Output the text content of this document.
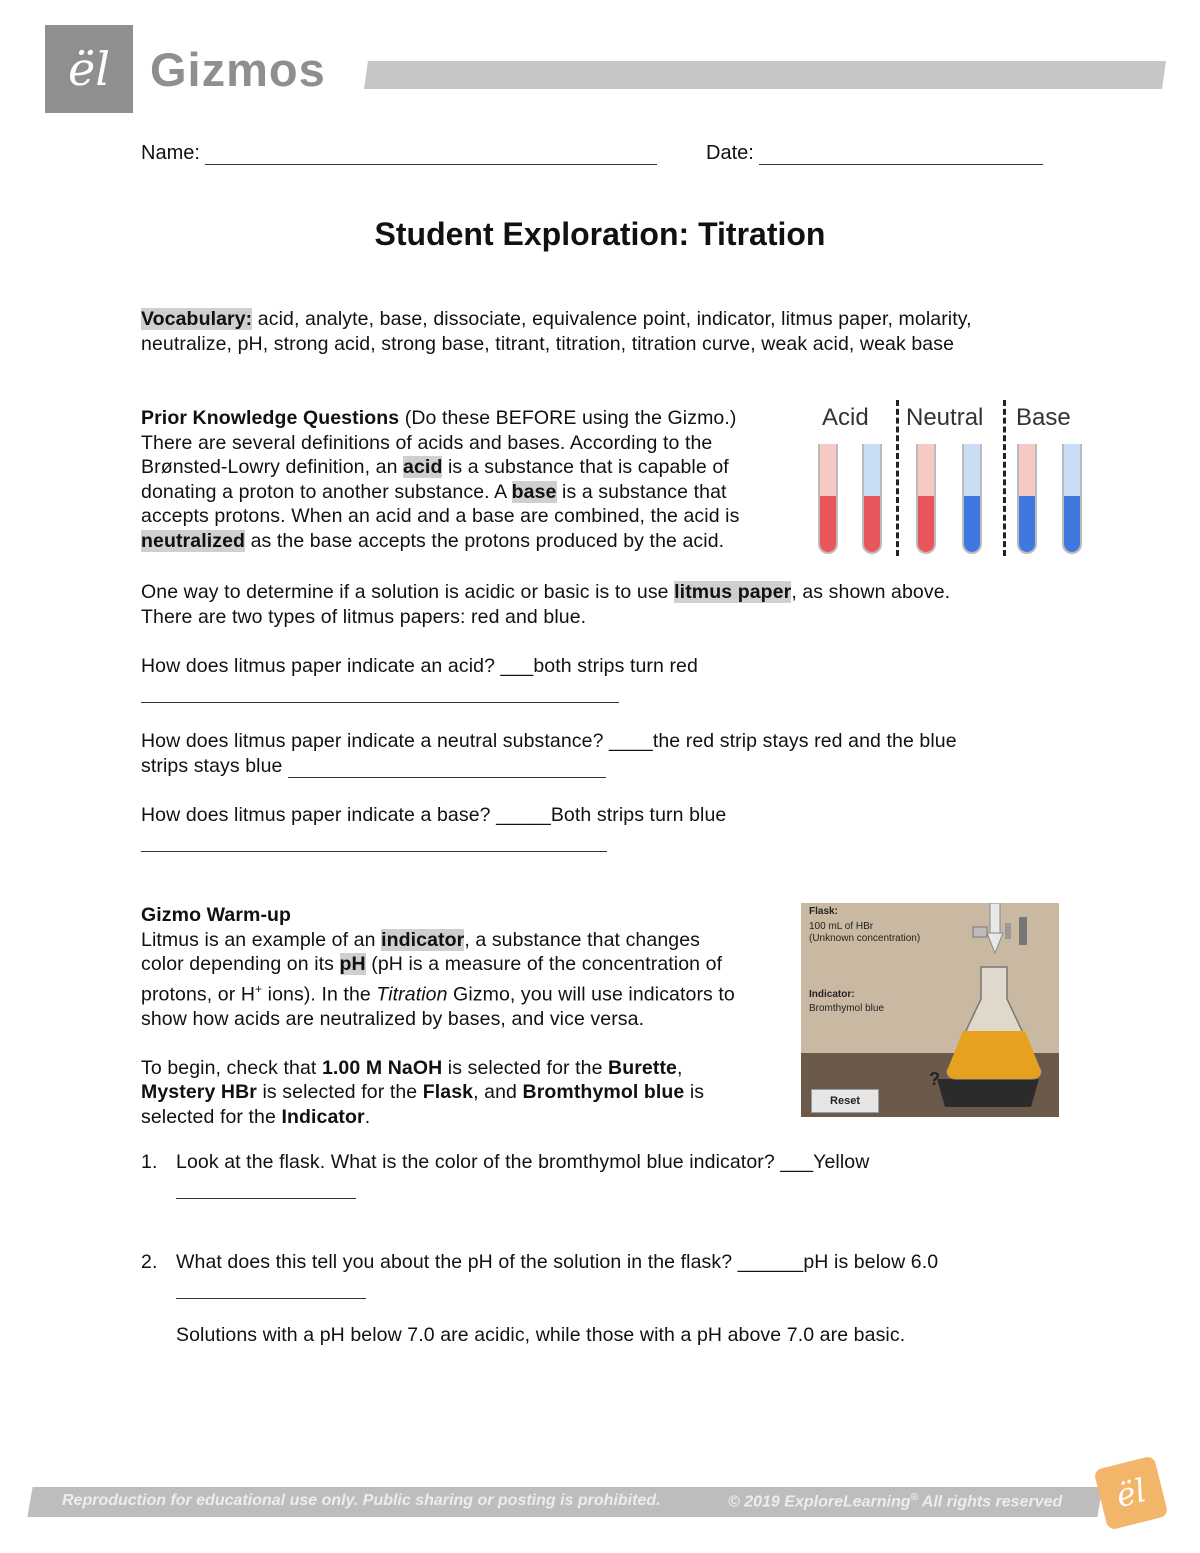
ël Gizmos
Name:	Date:
Student Exploration: Titration
Vocabulary: acid, analyte, base, dissociate, equivalence point, indicator, litmus paper, molarity,
neutralize, pH, strong acid, strong base, titrant, titration, titration curve, weak acid, weak base
Prior Knowledge Questions (Do these BEFORE using the Gizmo.)
There are several definitions of acids and bases. According to the
Brønsted-Lowry definition, an acid is a substance that is capable of
donating a proton to another substance. A base is a substance that
accepts protons. When an acid and a base are combined, the acid is
neutralized as the base accepts the protons produced by the acid.
Acid Neutral Base
One way to determine if a solution is acidic or basic is to use litmus paper, as shown above.
There are two types of litmus papers: red and blue.
How does litmus paper indicate an acid? ___both strips turn red
How does litmus paper indicate a neutral substance? ____the red strip stays red and the blue
strips stays blue
How does litmus paper indicate a base? _____Both strips turn blue
Gizmo Warm-up
Litmus is an example of an indicator, a substance that changes
color depending on its pH (pH is a measure of the concentration of
protons, or H+ ions). In the Titration Gizmo, you will use indicators to
show how acids are neutralized by bases, and vice versa.
To begin, check that 1.00 M NaOH is selected for the Burette,
Mystery HBr is selected for the Flask, and Bromthymol blue is
selected for the Indicator.
Flask:
100 mL of HBr
(Unknown concentration)
Indicator:
Bromthymol blue
?
Reset
1. Look at the flask. What is the color of the bromthymol blue indicator? ___Yellow
2. What does this tell you about the pH of the solution in the flask? ______pH is below 6.0
Solutions with a pH below 7.0 are acidic, while those with a pH above 7.0 are basic.
Reproduction for educational use only. Public sharing or posting is prohibited.	© 2019 ExploreLearning® All rights reserved	ël
